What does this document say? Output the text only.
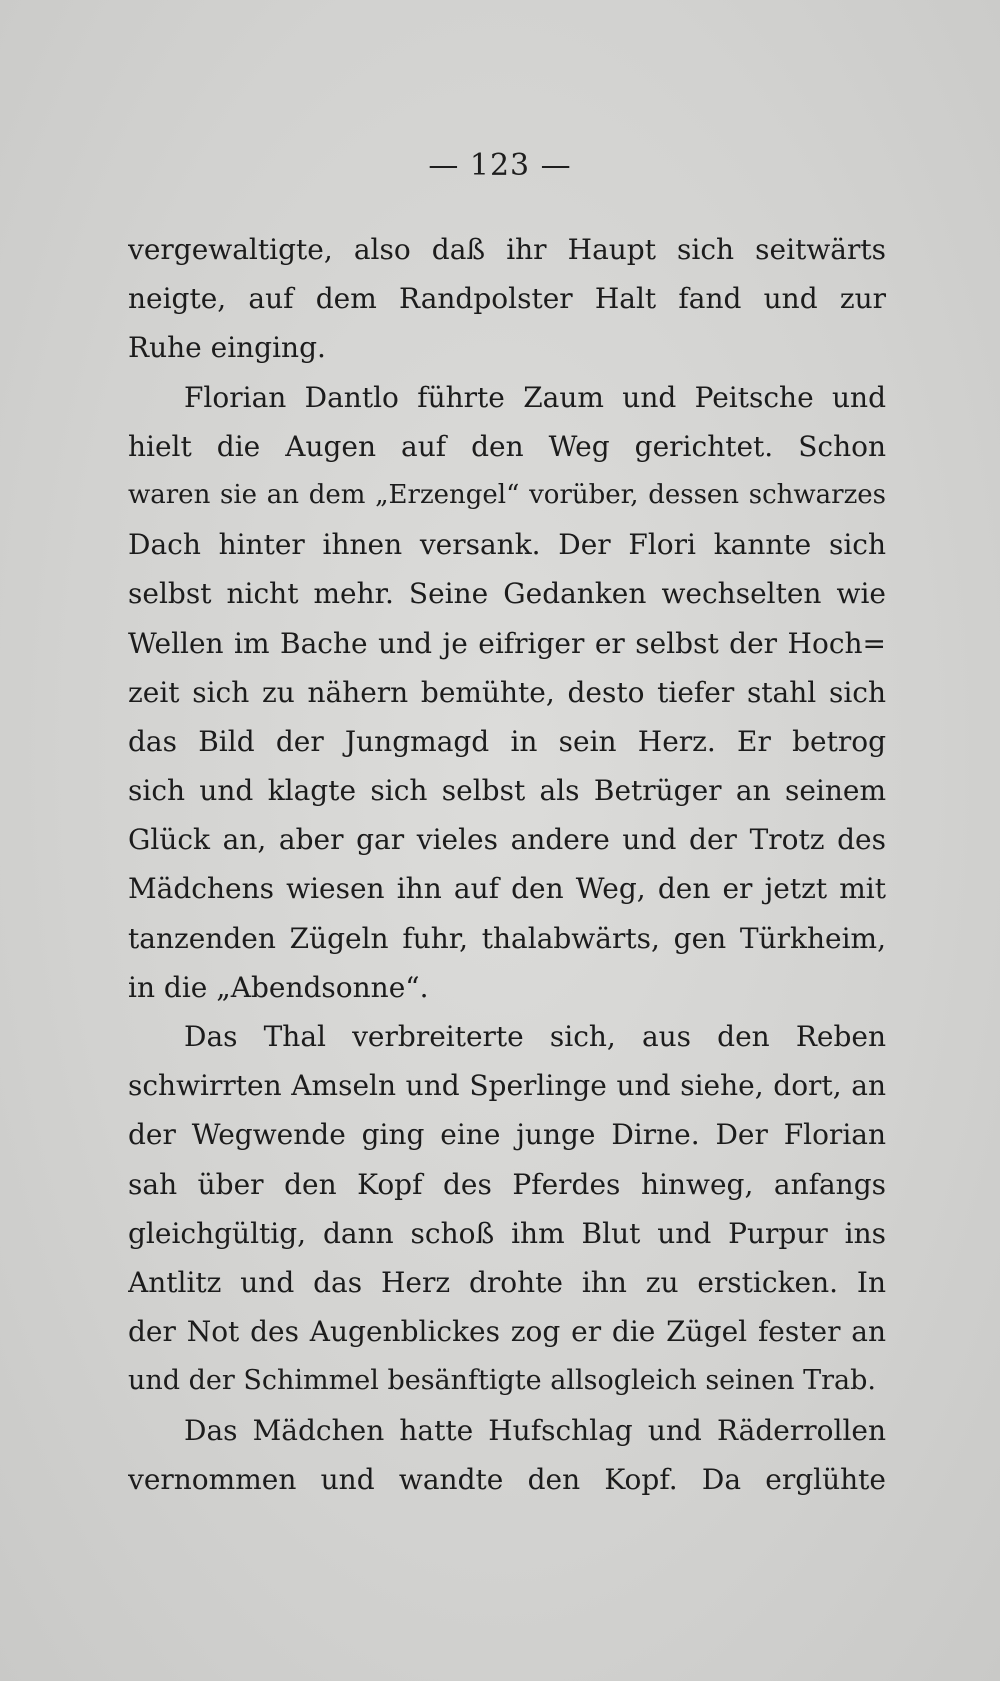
— 123 —
vergewaltigte, also daß ihr Haupt sich seitwärts
neigte, auf dem Randpolster Halt fand und zur
Ruhe einging.
Florian Dantlo führte Zaum und Peitsche und
hielt die Augen auf den Weg gerichtet. Schon
waren sie an dem „Erzengel“ vorüber, dessen schwarzes
Dach hinter ihnen versank. Der Flori kannte sich
selbst nicht mehr. Seine Gedanken wechselten wie
Wellen im Bache und je eifriger er selbst der Hoch=
zeit sich zu nähern bemühte, desto tiefer stahl sich
das Bild der Jungmagd in sein Herz. Er betrog
sich und klagte sich selbst als Betrüger an seinem
Glück an, aber gar vieles andere und der Trotz des
Mädchens wiesen ihn auf den Weg, den er jetzt mit
tanzenden Zügeln fuhr, thalabwärts, gen Türkheim,
in die „Abendsonne“.
Das Thal verbreiterte sich, aus den Reben
schwirrten Amseln und Sperlinge und siehe, dort, an
der Wegwende ging eine junge Dirne. Der Florian
sah über den Kopf des Pferdes hinweg, anfangs
gleichgültig, dann schoß ihm Blut und Purpur ins
Antlitz und das Herz drohte ihn zu ersticken. In
der Not des Augenblickes zog er die Zügel fester an
und der Schimmel besänftigte allsogleich seinen Trab.
Das Mädchen hatte Hufschlag und Räderrollen
vernommen und wandte den Kopf. Da erglühte
